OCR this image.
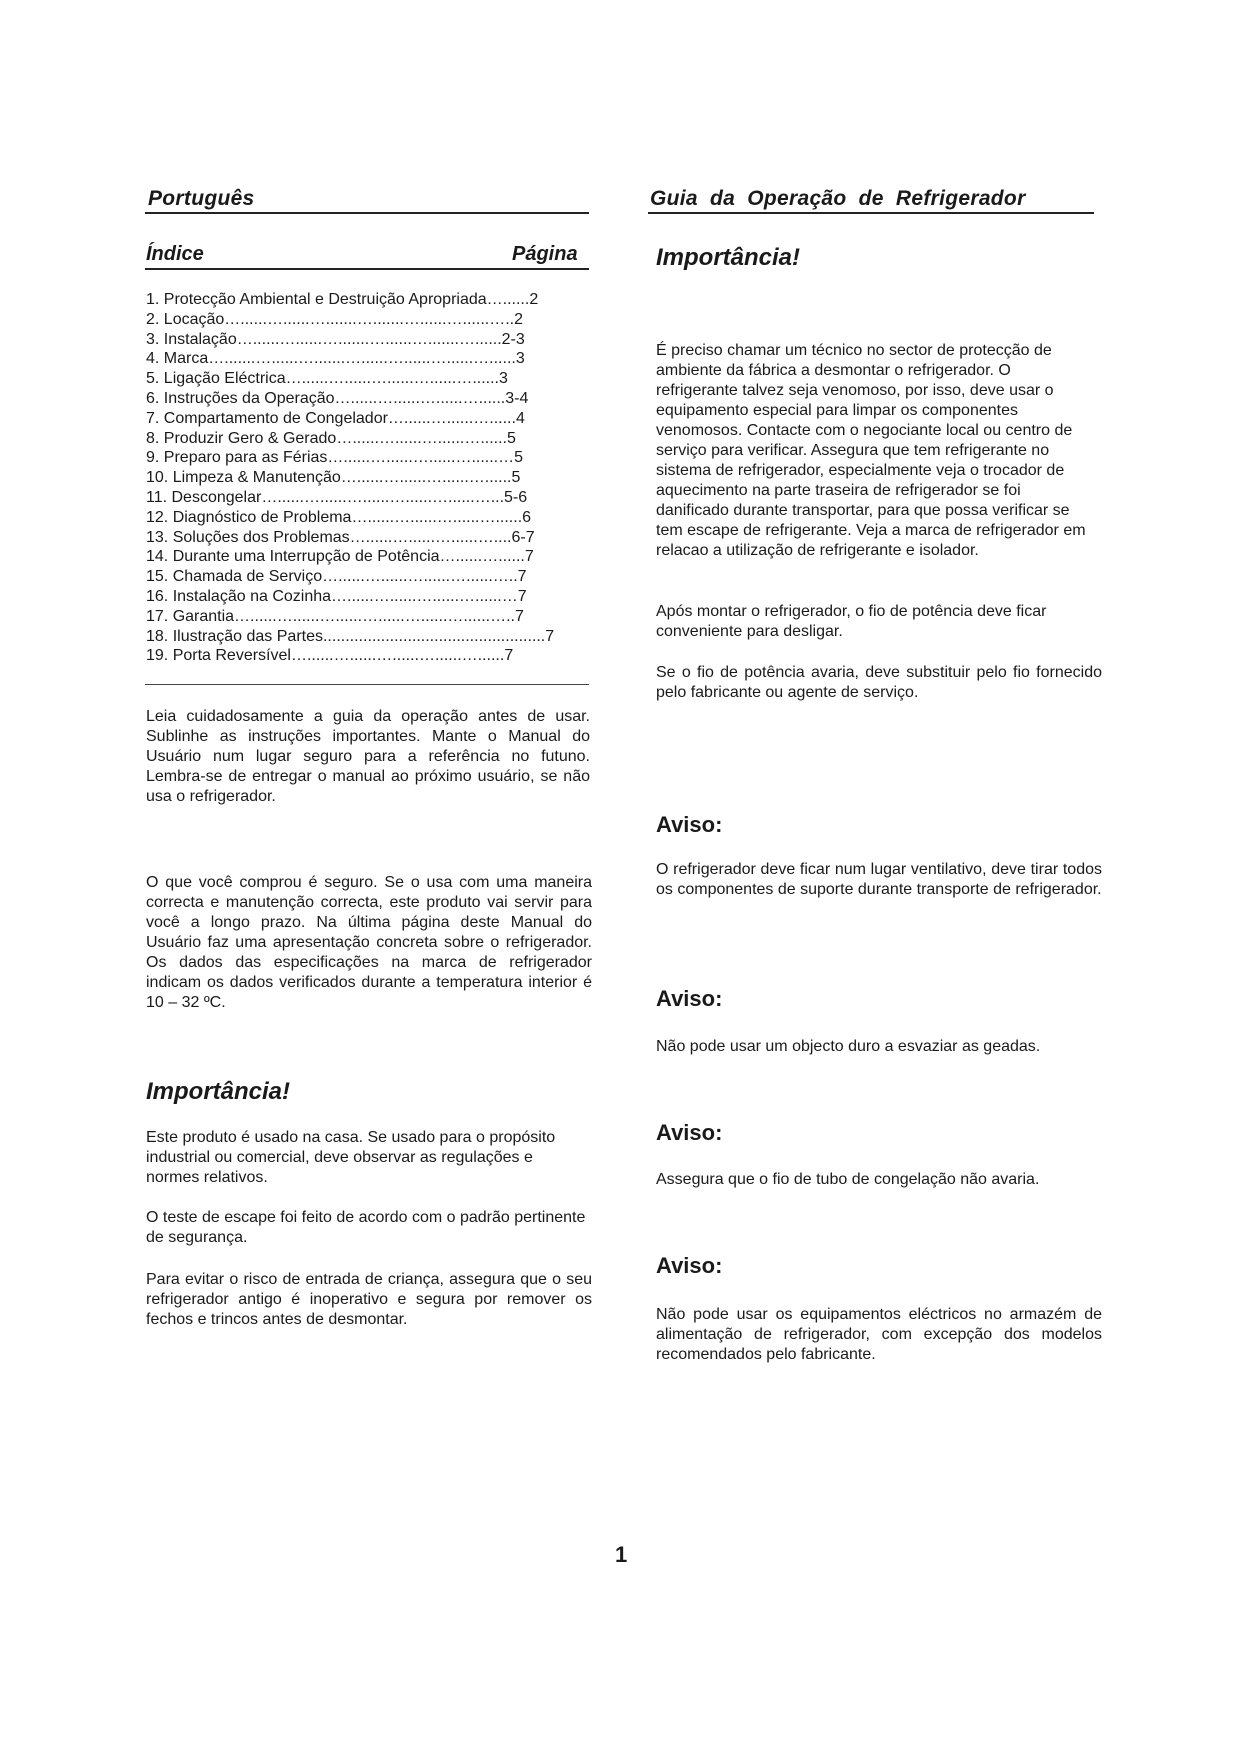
Português	Guia da Operação de Refrigerador
Índice	Página
1. Protecção Ambiental e Destruição Apropriada…......2
2. Locação…......…......….......….......…......…......…..2
3. Instalação…......…......….......…......….......…......2-3
4. Marca….......…......….......…......…......…......…......3
5. Ligação Eléctrica…......…......…......…......…......3
6. Instruções da Operação…......…......…......…......3-4
7. Compartamento de Congelador…......…......…......4
8. Produzir Gero & Gerado…......…......…......…......5
9. Preparo para as Férias…......…......…......…......…5
10. Limpeza & Manutenção…......…......…......…......5
11. Descongelar…......…......…......…......…......…...5-6
12. Diagnóstico de Problema…......…......…......…......6
13. Soluções dos Problemas…......…......…......…....6-7
14. Durante uma Interrupção de Potência…......…......7
15. Chamada de Serviço…......…......…......…......…..7
16. Instalação na Cozinha…......…......…......…......…7
17. Garantia…......…......…......…......…......…......…..7
18. Ilustração das Partes..................................................7
19. Porta Reversível…......…......…......…......…......7

Leia cuidadosamente a guia da operação antes de usar. Sublinhe as instruções importantes. Mante o Manual do Usuário num lugar seguro para a referência no futuno. Lembra-se de entregar o manual ao próximo usuário, se não usa o refrigerador.

O que você comprou é seguro. Se o usa com uma maneira correcta e manutenção correcta, este produto vai servir para você a longo prazo. Na última página deste Manual do Usuário faz uma apresentação concreta sobre o refrigerador. Os dados das especificações na marca de refrigerador indicam os dados verificados durante a temperatura interior é 10 – 32 ºC.

Importância!

Este produto é usado na casa. Se usado para o propósito industrial ou comercial, deve observar as regulações e normes relativos.

O teste de escape foi feito de acordo com o padrão pertinente de segurança.

Para evitar o risco de entrada de criança, assegura que o seu refrigerador antigo é inoperativo e segura por remover os fechos e trincos antes de desmontar.

Importância!

É preciso chamar um técnico no sector de protecção de ambiente da fábrica a desmontar o refrigerador. O refrigerante talvez seja venomoso, por isso, deve usar o equipamento especial para limpar os componentes venomosos. Contacte com o negociante local ou centro de serviço para verificar. Assegura que tem refrigerante no sistema de refrigerador, especialmente veja o trocador de aquecimento na parte traseira de refrigerador se foi danificado durante transportar, para que possa verificar se tem escape de refrigerante. Veja a marca de refrigerador em relacao a utilização de refrigerante e isolador.

Após montar o refrigerador, o fio de potência deve ficar conveniente para desligar.

Se o fio de potência avaria, deve substituir pelo fio fornecido pelo fabricante ou agente de serviço.

Aviso:

O refrigerador deve ficar num lugar ventilativo, deve tirar todos os componentes de suporte durante transporte de refrigerador.

Aviso:

Não pode usar um objecto duro a esvaziar as geadas.

Aviso:

Assegura que o fio de tubo de congelação não avaria.

Aviso:

Não pode usar os equipamentos eléctricos no armazém de alimentação de refrigerador, com excepção dos modelos recomendados pelo fabricante.

1
